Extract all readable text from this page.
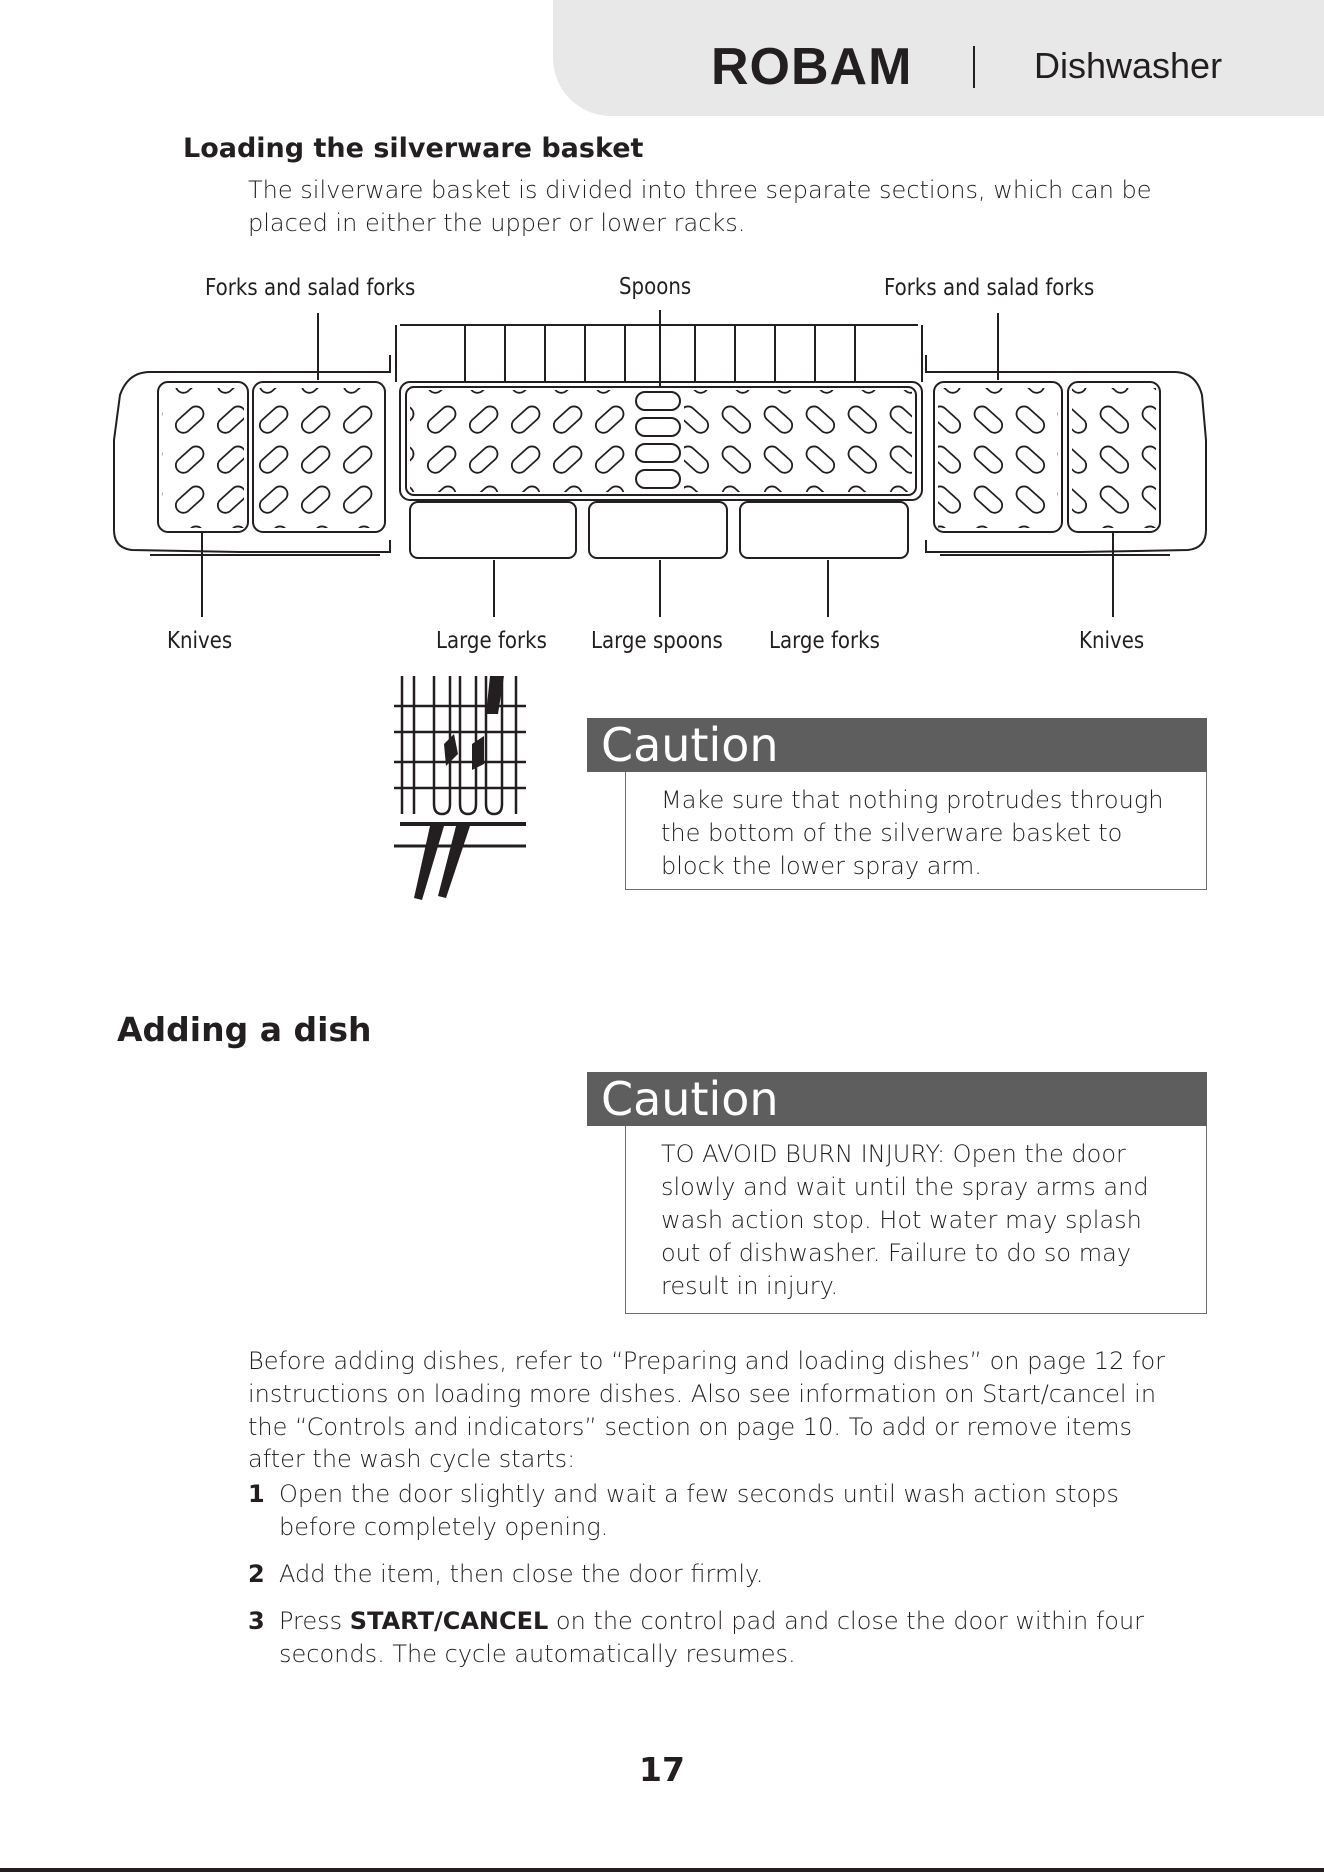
ROBAM	Dishwasher
Loading the silverware basket
The silverware basket is divided into three separate sections, which can be
placed in either the upper or lower racks.
Forks and salad forks	Spoons	Forks and salad forks
Knives	Large forks Large spoons Large forks	Knives
Caution
Make sure that nothing protrudes through
the bottom of the silverware basket to
block the lower spray arm.
Adding a dish
Caution
TO AVOID BURN INJURY: Open the door
slowly and wait until the spray arms and
wash action stop. Hot water may splash
out of dishwasher. Failure to do so may
result in injury.
Before adding dishes, refer to “Preparing and loading dishes” on page 12 for
instructions on loading more dishes. Also see information on Start/cancel in
the “Controls and indicators” section on page 10. To add or remove items
after the wash cycle starts:
1 Open the door slightly and wait a few seconds until wash action stops
before completely opening.
2 Add the item, then close the door firmly.
3 Press START/CANCEL on the control pad and close the door within four
seconds. The cycle automatically resumes.
17
